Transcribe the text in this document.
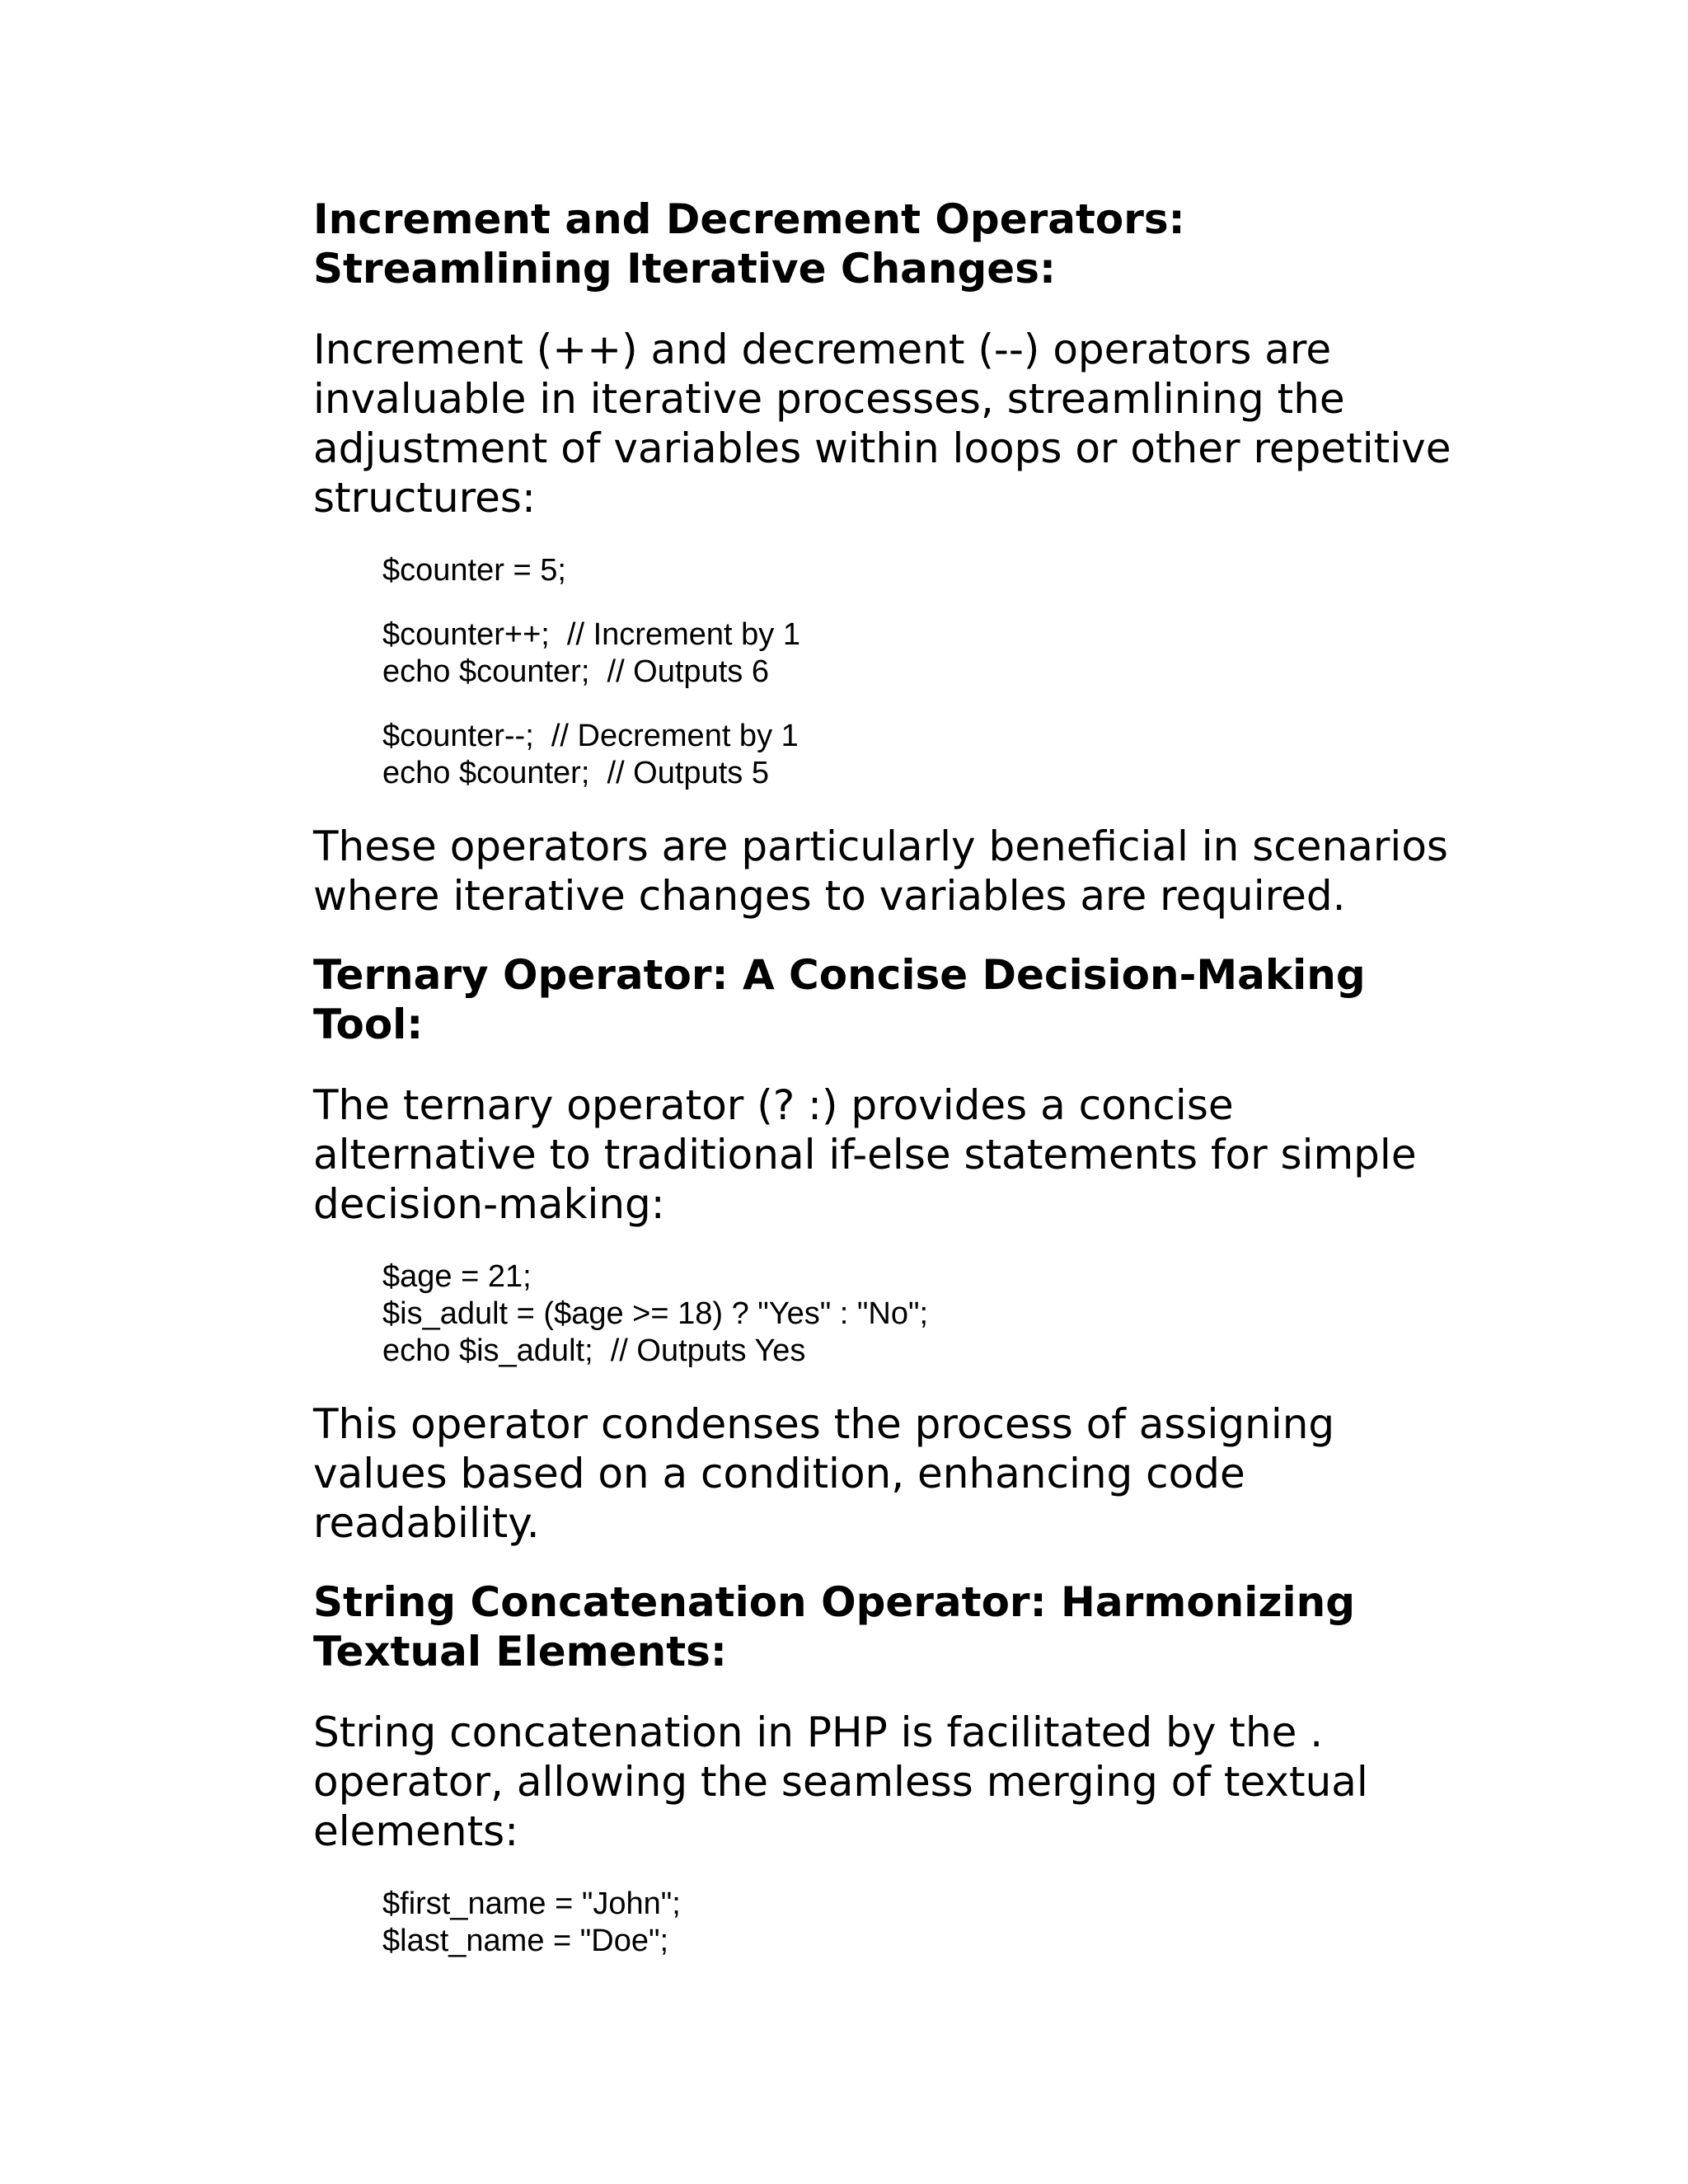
Increment and Decrement Operators:
Streamlining Iterative Changes:

Increment (++) and decrement (--) operators are
invaluable in iterative processes, streamlining the
adjustment of variables within loops or other repetitive
structures:

$counter = 5;
$counter++;  // Increment by 1
echo $counter;  // Outputs 6
$counter--;  // Decrement by 1
echo $counter;  // Outputs 5

These operators are particularly beneficial in scenarios
where iterative changes to variables are required.

Ternary Operator: A Concise Decision-Making
Tool:

The ternary operator (? :) provides a concise
alternative to traditional if-else statements for simple
decision-making:

$age = 21;
$is_adult = ($age >= 18) ? "Yes" : "No";
echo $is_adult;  // Outputs Yes

This operator condenses the process of assigning
values based on a condition, enhancing code
readability.

String Concatenation Operator: Harmonizing
Textual Elements:

String concatenation in PHP is facilitated by the .
operator, allowing the seamless merging of textual
elements:

$first_name = "John";
$last_name = "Doe";
